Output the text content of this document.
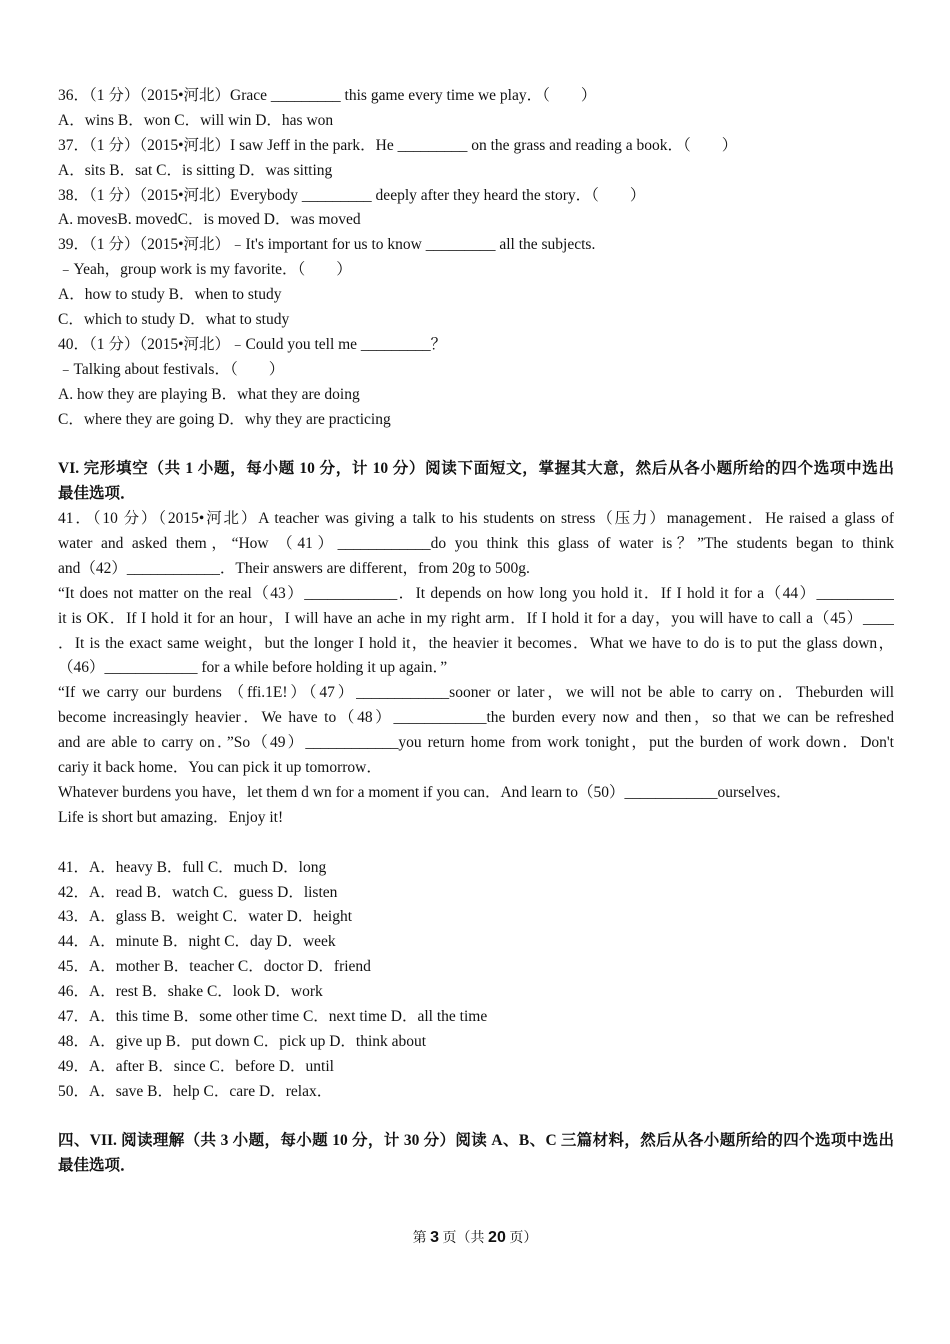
36．（1 分）（2015•河北）Grace _________ this game every time we play．（　　）
A．wins B．won C．will win D．has won
37．（1 分）（2015•河北）I saw Jeff in the park．He _________ on the grass and reading a book．（　　）
A．sits B．sat C．is sitting D．was sitting
38．（1 分）（2015•河北）Everybody _________ deeply after they heard the story．（　　）
A. movesB. movedC．is moved D．was moved
39．（1 分）（2015•河北）﹣It's important for us to know _________ all the subjects.
﹣Yeah，group work is my favorite．（　　）
A．how to study B．when to study
C．which to study D．what to study
40．（1 分）（2015•河北）﹣Could you tell me _________？
﹣Talking about festivals．（　　）
A. how they are playing B．what they are doing
C．where they are going D．why they are practicing
VI. 完形填空（共 1 小题，每小题 10 分，计 10 分）阅读下面短文，掌握其大意，然后从各小题所给的四个选项中选出
最佳选项．
41．（10 分）（2015•河北）A teacher was giving a talk to his students on stress（压力）management．He raised a glass of
water and asked them，“How （41）____________do you think this glass of water is？”The students began to think
and（42）____________．Their answers are different，from 20g to 500g.
“It does not matter on the real（43）____________．It depends on how long you hold it．If I hold it for a（44）__________
it is OK．If I hold it for an hour，I will have an ache in my right arm．If I hold it for a day，you will have to call a（45）____
．It is the exact same weight，but the longer I hold it，the heavier it becomes．What we have to do is to put the glass down，
（46）____________ for a while before holding it up again．”
“If we carry our burdens （ffi.1E!）（47）____________sooner or later，we will not be able to carry on．Theburden will
become increasingly heavier．We have to（48）____________the burden every now and then，so that we can be refreshed
and are able to carry on．”So（49）____________you return home from work tonight，put the burden of work down．Don't
cariy it back home．You can pick it up tomorrow．
Whatever burdens you have，let them d wn for a moment if you can．And learn to（50）____________ourselves．
Life is short but amazing．Enjoy it!
41．A．heavy B．full C．much D．long
42．A．read B．watch C．guess D．listen
43．A．glass B．weight C．water D．height
44．A．minute B．night C．day D．week
45．A．mother B．teacher C．doctor D．friend
46．A．rest B．shake C．look D．work
47．A．this time B．some other time C．next time D．all the time
48．A．give up B．put down C．pick up D．think about
49．A．after B．since C．before D．until
50．A．save B．help C．care D．relax．
四、VII. 阅读理解（共 3 小题，每小题 10 分，计 30 分）阅读 A、B、C 三篇材料，然后从各小题所给的四个选项中选出
最佳选项．
第 3 页（共 20 页）
